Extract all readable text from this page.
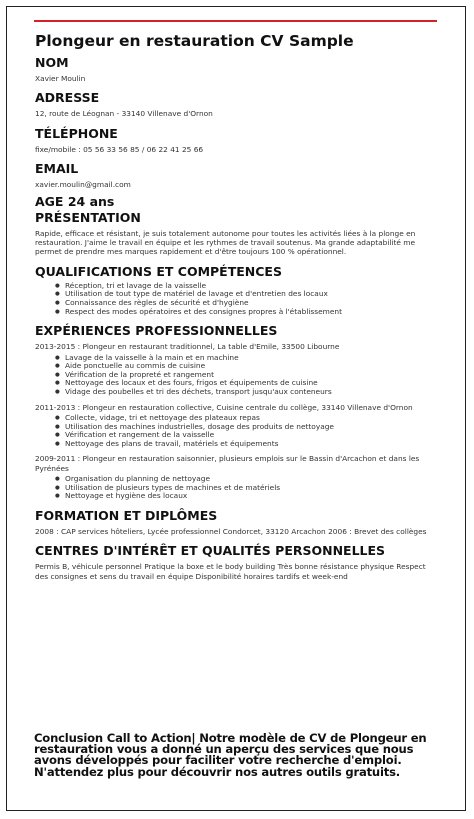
Plongeur en restauration CV Sample
NOM

Xavier Moulin

ADRESSE

12, route de Léognan - 33140 Villenave d'Ornon

TÉLÉPHONE

fixe/mobile : 05 56 33 56 85 / 06 22 41 25 66

EMAIL

xavier.moulin@gmail.com

AGE 24 ans

PRÉSENTATION

Rapide, efficace et résistant, je suis totalement autonome pour toutes les activités liées à la plonge en restauration. J'aime le travail en équipe et les rythmes de travail soutenus. Ma grande adaptabilité me permet de prendre mes marques rapidement et d'être toujours 100 % opérationnel.

QUALIFICATIONS ET COMPÉTENCES
● Réception, tri et lavage de la vaisselle
● Utilisation de tout type de matériel de lavage et d'entretien des locaux
● Connaissance des règles de sécurité et d'hygiène
● Respect des modes opératoires et des consignes propres à l'établissement
EXPÉRIENCES PROFESSIONNELLES

2013-2015 : Plongeur en restaurant traditionnel, La table d'Emile, 33500 Libourne

● Lavage de la vaisselle à la main et en machine
● Aide ponctuelle au commis de cuisine
● Vérification de la propreté et rangement
● Nettoyage des locaux et des fours, frigos et équipements de cuisine
● Vidage des poubelles et tri des déchets, transport jusqu'aux conteneurs

2011-2013 : Plongeur en restauration collective, Cuisine centrale du collège, 33140 Villenave d'Ornon

● Collecte, vidage, tri et nettoyage des plateaux repas
● Utilisation des machines industrielles, dosage des produits de nettoyage
● Vérification et rangement de la vaisselle
● Nettoyage des plans de travail, matériels et équipements

2009-2011 : Plongeur en restauration saisonnier, plusieurs emplois sur le Bassin d'Arcachon et dans les Pyrénées

● Organisation du planning de nettoyage
● Utilisation de plusieurs types de machines et de matériels
● Nettoyage et hygiène des locaux
FORMATION ET DIPLÔMES

2008 : CAP services hôteliers, Lycée professionnel Condorcet, 33120 Arcachon 2006 : Brevet des collèges

CENTRES D'INTÉRÊT ET QUALITÉS PERSONNELLES

Permis B, véhicule personnel Pratique la boxe et le body building Très bonne résistance physique Respect des consignes et sens du travail en équipe Disponibilité horaires tardifs et week-end

Conclusion Call to Action| Notre modèle de CV de Plongeur en restauration vous a donné un aperçu des services que nous avons développés pour faciliter votre recherche d'emploi. N'attendez plus pour découvrir nos autres outils gratuits.
